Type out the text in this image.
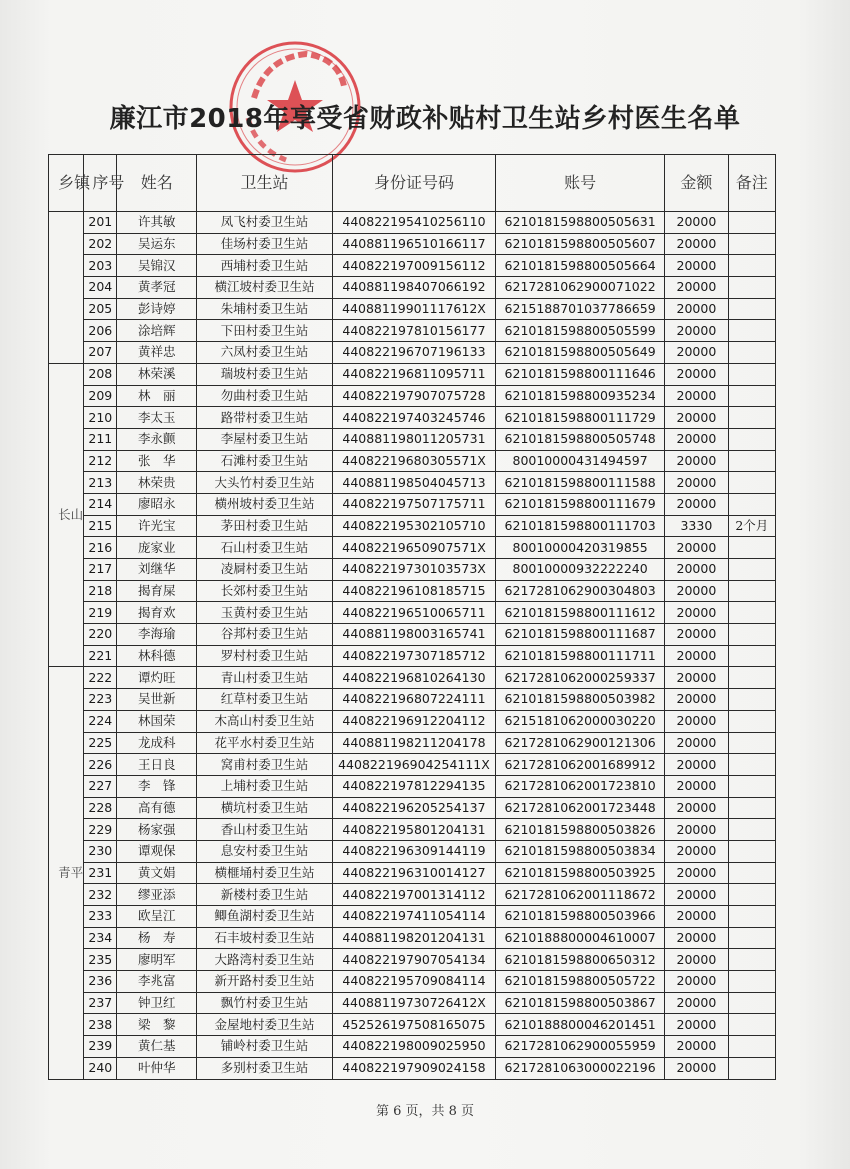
廉江市2018年享受省财政补贴村卫生站乡村医生名单
乡镇	序号	姓名	卫生站	身份证号码	账号	金额	备注
	201	许其敏	凤飞村委卫生站	440822195410256110	6210181598800505631	20000	
	202	吴运东	佳场村委卫生站	440881196510166117	6210181598800505607	20000	
	203	吴锦汉	西埔村委卫生站	440822197009156112	6210181598800505664	20000	
	204	黄孝冠	横江坡村委卫生站	440881198407066192	6217281062900071022	20000	
	205	彭诗婷	朱埔村委卫生站	44088119901117612X	6215188701037786659	20000	
	206	涂培辉	下田村委卫生站	440822197810156177	6210181598800505599	20000	
	207	黄祥忠	六凤村委卫生站	440822196707196133	6210181598800505649	20000	
长山	208	林荣溪	瑞坡村委卫生站	440822196811095711	6210181598800111646	20000	
	209	林　丽	勿曲村委卫生站	440822197907075728	6210181598800935234	20000	
	210	李太玉	路带村委卫生站	440822197403245746	6210181598800111729	20000	
	211	李永颤	李屋村委卫生站	440881198011205731	6210181598800505748	20000	
	212	张　华	石滩村委卫生站	44082219680305571X	80010000431494597	20000	
	213	林荣贵	大头竹村委卫生站	440881198504045713	6210181598800111588	20000	
	214	廖昭永	横州坡村委卫生站	440822197507175711	6210181598800111679	20000	
	215	许光宝	茅田村委卫生站	440822195302105710	6210181598800111703	3330	2个月
	216	庞家业	石山村委卫生站	44082219650907571X	80010000420319855	20000	
	217	刘继华	凌屙村委卫生站	44082219730103573X	80010000932222240	20000	
	218	揭育屎	长郊村委卫生站	440822196108185715	6217281062900304803	20000	
	219	揭育欢	玉黄村委卫生站	440822196510065711	6210181598800111612	20000	
	220	李海瑜	谷邦村委卫生站	440881198003165741	6210181598800111687	20000	
	221	林科德	罗村村委卫生站	440822197307185712	6210181598800111711	20000	
青平	222	谭灼旺	青山村委卫生站	440822196810264130	6217281062000259337	20000	
	223	吴世新	红草村委卫生站	440822196807224111	6210181598800503982	20000	
	224	林国荣	木高山村委卫生站	440822196912204112	6215181062000030220	20000	
	225	龙成科	花平水村委卫生站	440881198211204178	6217281062900121306	20000	
	226	王日良	窝甫村委卫生站	440822196904254111X	6217281062001689912	20000	
	227	李　锋	上埔村委卫生站	440822197812294135	6217281062001723810	20000	
	228	高有德	横坑村委卫生站	440822196205254137	6217281062001723448	20000	
	229	杨家强	香山村委卫生站	440822195801204131	6210181598800503826	20000	
	230	谭观保	息安村委卫生站	440822196309144119	6210181598800503834	20000	
	231	黄文娟	横榧埇村委卫生站	440822196310014127	6210181598800503925	20000	
	232	缪亚添	新楼村委卫生站	440822197001314112	6217281062001118672	20000	
	233	欧呈江	鲫鱼湖村委卫生站	440822197411054114	6210181598800503966	20000	
	234	杨　寿	石丰坡村委卫生站	440881198201204131	6210188800004610007	20000	
	235	廖明军	大路湾村委卫生站	440822197907054134	6210181598800650312	20000	
	236	李兆富	新开路村委卫生站	440822195709084114	6210181598800505722	20000	
	237	钟卫红	飘竹村委卫生站	44088119730726412X	6210181598800503867	20000	
	238	梁　黎	金屋地村委卫生站	452526197508165075	6210188800046201451	20000	
	239	黄仁基	铺岭村委卫生站	440822198009025950	6217281062900055959	20000	
	240	叶仲华	多别村委卫生站	440822197909024158	6217281063000022196	20000	
第 6 页，共 8 页
